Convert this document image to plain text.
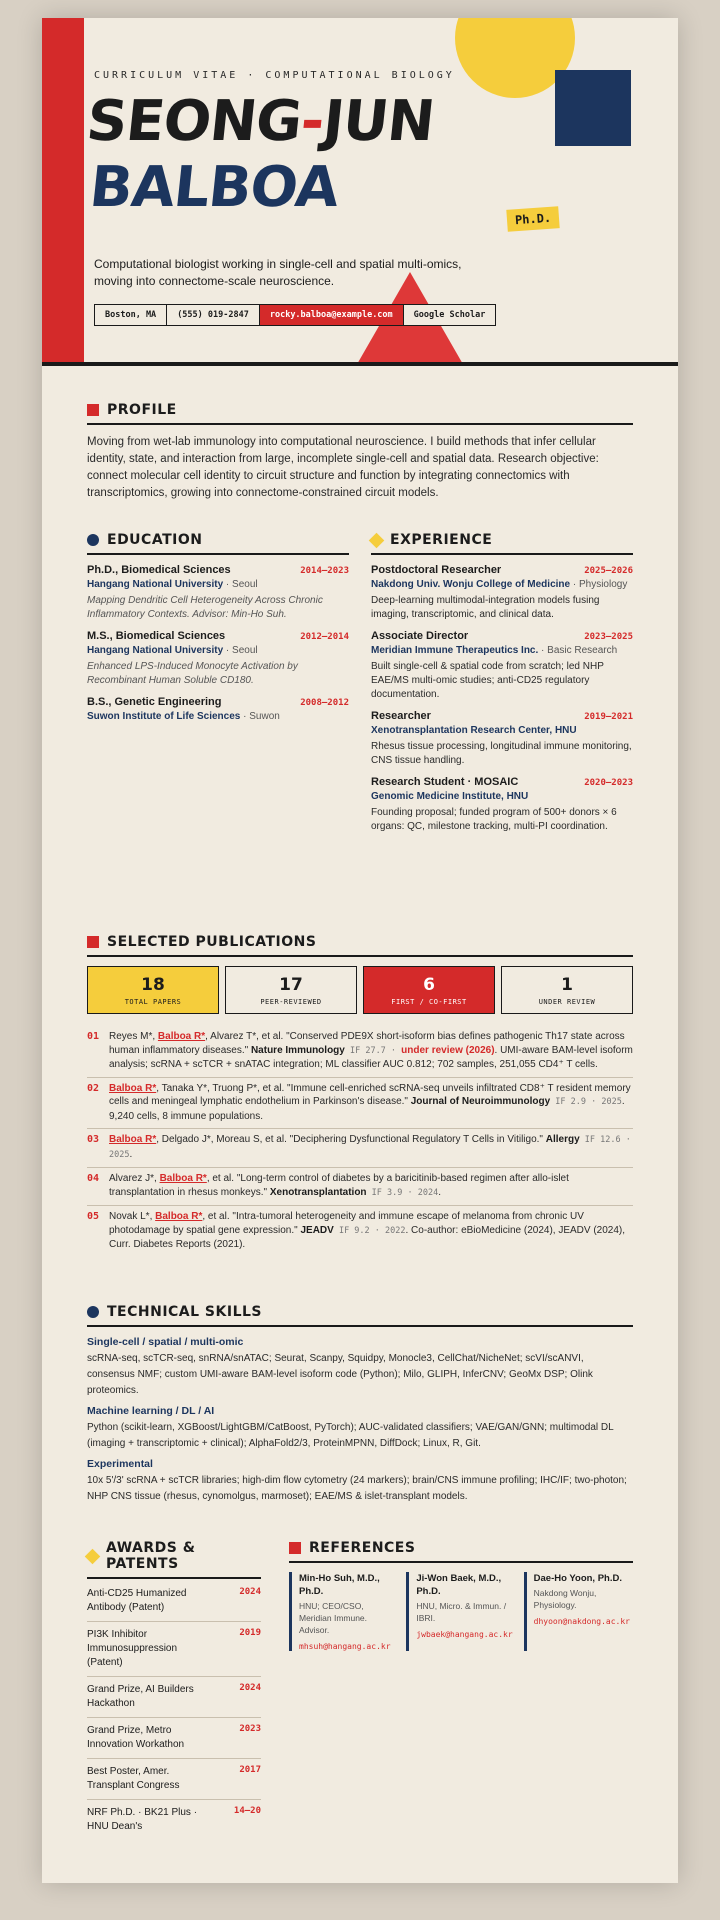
CURRICULUM VITAE · COMPUTATIONAL BIOLOGY
SEONG-JUN
BALBOA	Ph.D.
Computational biologist working in single-cell and spatial multi-omics, moving into connectome-scale neuroscience.
Boston, MA	(555) 019-2847	rocky.balboa@example.com	Google Scholar
PROFILE
Moving from wet-lab immunology into computational neuroscience. I build methods that infer cellular identity, state, and interaction from large, incomplete single-cell and spatial data. Research objective: connect molecular cell identity to circuit structure and function by integrating connectomics with transcriptomics, growing into connectome-constrained circuit models.
EDUCATION
Ph.D., Biomedical Sciences	2014–2023
Hangang National University · Seoul
Mapping Dendritic Cell Heterogeneity Across Chronic Inflammatory Contexts. Advisor: Min-Ho Suh.
M.S., Biomedical Sciences	2012–2014
Hangang National University · Seoul
Enhanced LPS-Induced Monocyte Activation by Recombinant Human Soluble CD180.
B.S., Genetic Engineering	2008–2012
Suwon Institute of Life Sciences · Suwon
EXPERIENCE
Postdoctoral Researcher	2025–2026
Nakdong Univ. Wonju College of Medicine · Physiology
Deep-learning multimodal-integration models fusing imaging, transcriptomic, and clinical data.
Associate Director	2023–2025
Meridian Immune Therapeutics Inc. · Basic Research
Built single-cell & spatial code from scratch; led NHP EAE/MS multi-omic studies; anti-CD25 regulatory documentation.
Researcher	2019–2021
Xenotransplantation Research Center, HNU
Rhesus tissue processing, longitudinal immune monitoring, CNS tissue handling.
Research Student · MOSAIC	2020–2023
Genomic Medicine Institute, HNU
Founding proposal; funded program of 500+ donors × 6 organs: QC, milestone tracking, multi-PI coordination.
SELECTED PUBLICATIONS
18
TOTAL PAPERS
17
PEER-REVIEWED
6
FIRST / CO-FIRST
1
UNDER REVIEW
01 Reyes M*, Balboa R*, Alvarez T*, et al. "Conserved PDE9X short-isoform bias defines pathogenic Th17 state across human inflammatory diseases." Nature Immunology IF 27.7 · under review (2026). UMI-aware BAM-level isoform analysis; scRNA + scTCR + snATAC integration; ML classifier AUC 0.812; 702 samples, 251,055 CD4⁺ T cells.
02 Balboa R*, Tanaka Y*, Truong P*, et al. "Immune cell-enriched scRNA-seq unveils infiltrated CD8⁺ T resident memory cells and meningeal lymphatic endothelium in Parkinson's disease." Journal of Neuroimmunology IF 2.9 · 2025. 9,240 cells, 8 immune populations.
03 Balboa R*, Delgado J*, Moreau S, et al. "Deciphering Dysfunctional Regulatory T Cells in Vitiligo." Allergy IF 12.6 · 2025.
04 Alvarez J*, Balboa R*, et al. "Long-term control of diabetes by a baricitinib-based regimen after allo-islet transplantation in rhesus monkeys." Xenotransplantation IF 3.9 · 2024.
05 Novak L*, Balboa R*, et al. "Intra-tumoral heterogeneity and immune escape of melanoma from chronic UV photodamage by spatial gene expression." JEADV IF 9.2 · 2022. Co-author: eBioMedicine (2024), JEADV (2024), Curr. Diabetes Reports (2021).
TECHNICAL SKILLS
Single-cell / spatial / multi-omic
scRNA-seq, scTCR-seq, snRNA/snATAC; Seurat, Scanpy, Squidpy, Monocle3, CellChat/NicheNet; scVI/scANVI, consensus NMF; custom UMI-aware BAM-level isoform code (Python); Milo, GLIPH, InferCNV; GeoMx DSP; Olink proteomics.
Machine learning / DL / AI
Python (scikit-learn, XGBoost/LightGBM/CatBoost, PyTorch); AUC-validated classifiers; VAE/GAN/GNN; multimodal DL (imaging + transcriptomic + clinical); AlphaFold2/3, ProteinMPNN, DiffDock; Linux, R, Git.
Experimental
10x 5'/3' scRNA + scTCR libraries; high-dim flow cytometry (24 markers); brain/CNS immune profiling; IHC/IF; two-photon; NHP CNS tissue (rhesus, cynomolgus, marmoset); EAE/MS & islet-transplant models.
AWARDS &
PATENTS
Anti-CD25 Humanized Antibody (Patent)
2024
PI3K Inhibitor Immunosuppression (Patent)
2019
Grand Prize, AI Builders Hackathon
2024
Grand Prize, Metro Innovation Workathon
2023
Best Poster, Amer. Transplant Congress
2017
NRF Ph.D. · BK21 Plus · HNU Dean's
14–20
REFERENCES
Min-Ho Suh, M.D., Ph.D.
HNU; CEO/CSO, Meridian Immune. Advisor.
mhsuh@hangang.ac.kr
Ji-Won Baek, M.D., Ph.D.
HNU, Micro. & Immun. / IBRI.
jwbaek@hangang.ac.kr
Dae-Ho Yoon, Ph.D.
Nakdong Wonju, Physiology.
dhyoon@nakdong.ac.kr
